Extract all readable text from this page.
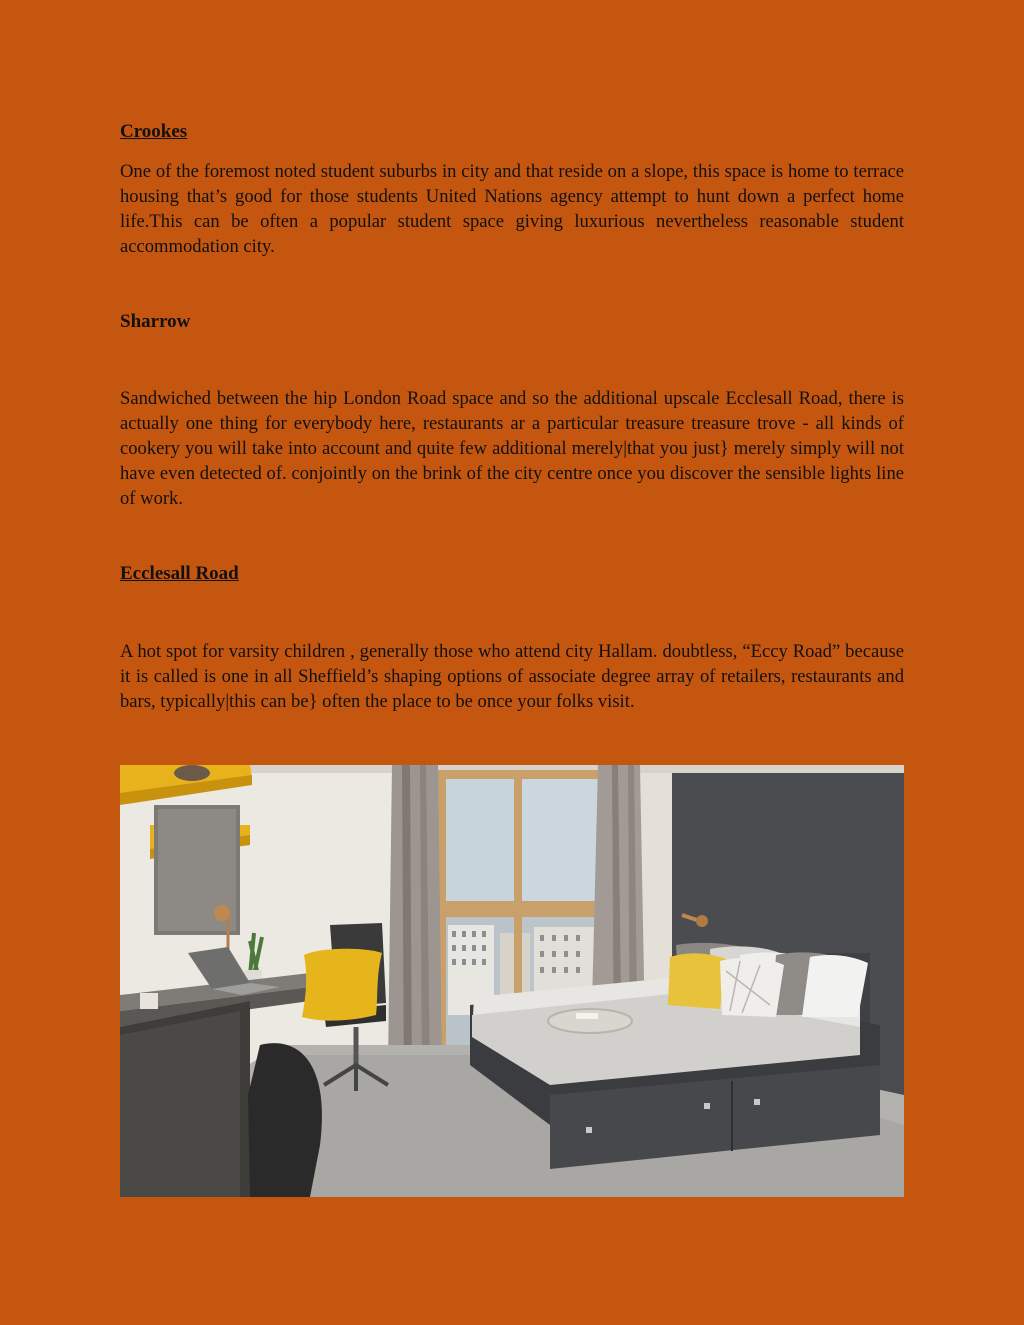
Crookes

One of the foremost noted student suburbs in city and that reside on a slope, this space is home to terrace housing that’s good for those students United Nations agency attempt to hunt down a perfect home life.This can be often a popular student space giving luxurious nevertheless reasonable student accommodation city.

Sharrow

Sandwiched between the hip London Road space and so the additional upscale Ecclesall Road, there is actually one thing for everybody here, restaurants ar a particular treasure treasure trove - all kinds of cookery you will take into account and quite few additional merely|that you just} merely simply will not have even detected of. conjointly on the brink of the city centre once you discover the sensible lights line of work.

Ecclesall Road

A hot spot for varsity children , generally those who attend city Hallam. doubtless, “Eccy Road” because it is called is one in all Sheffield’s shaping options of associate degree array of retailers, restaurants and bars, typically|this can be} often the place to be once your folks visit.
